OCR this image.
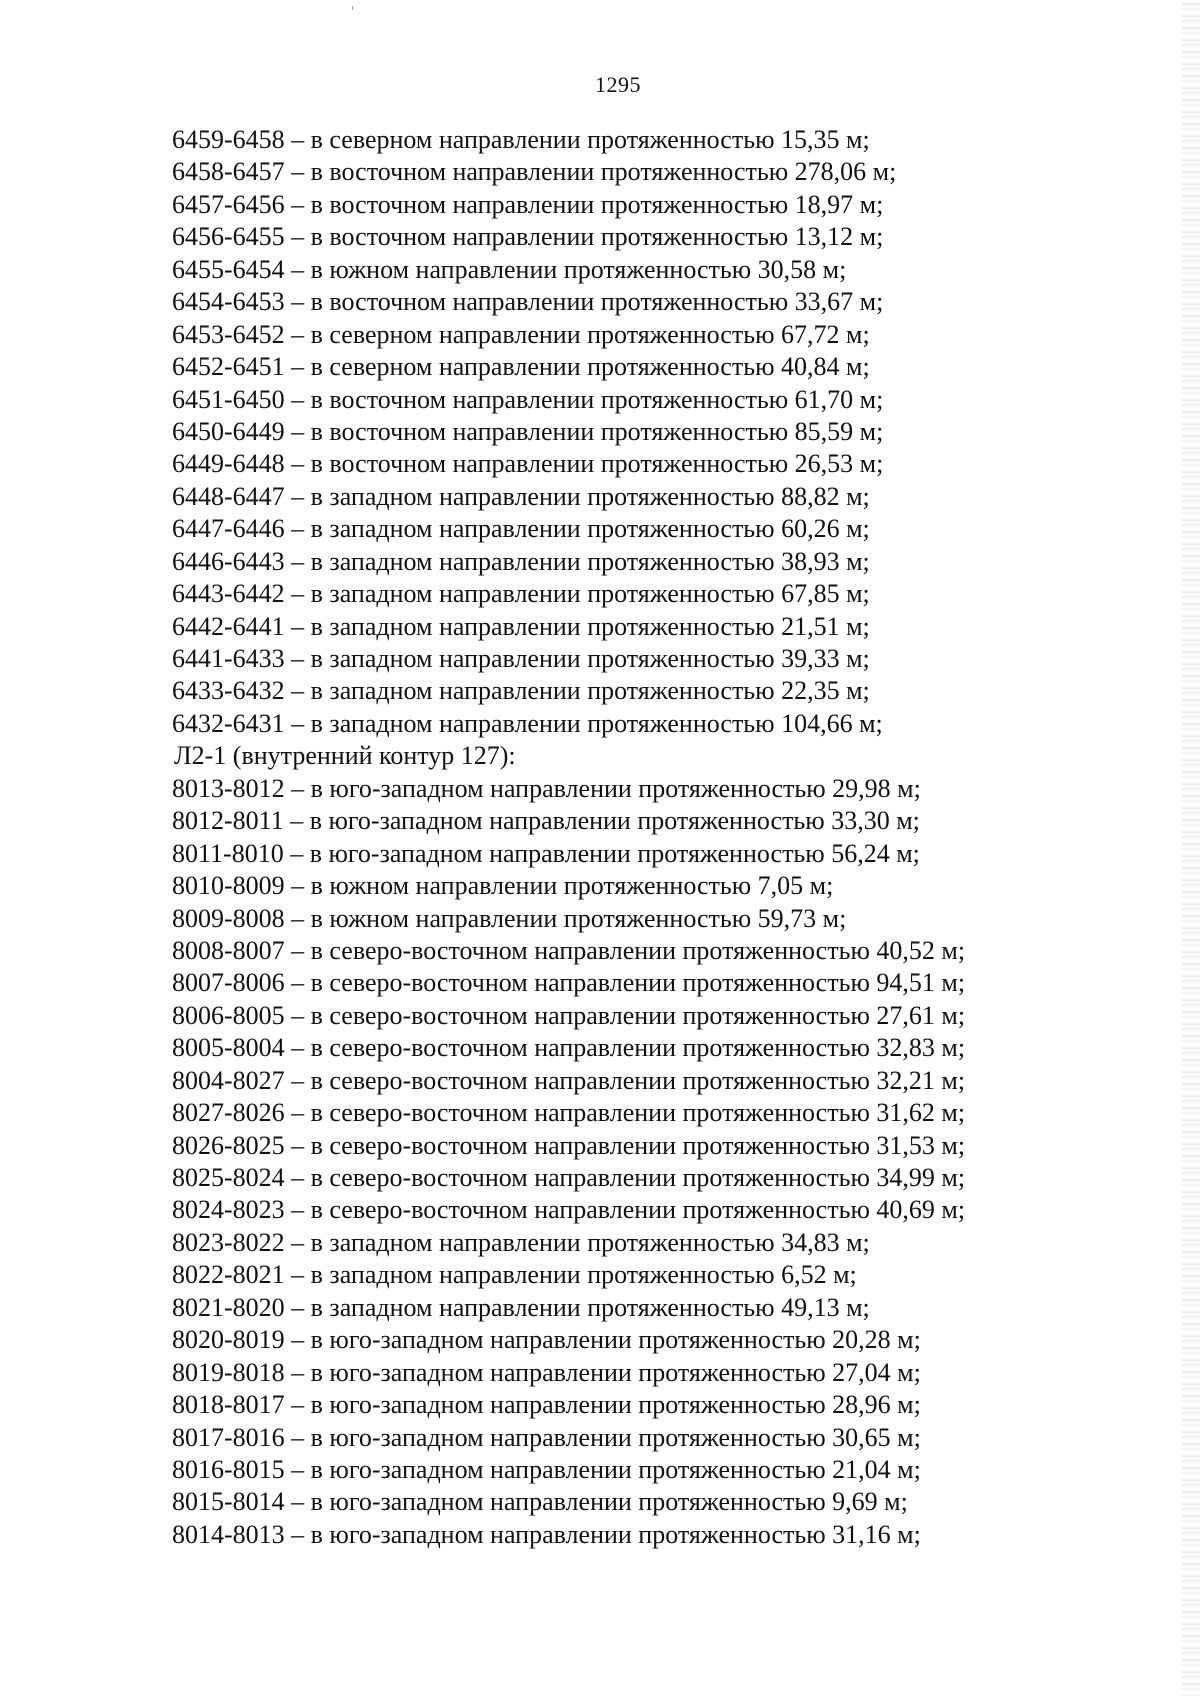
1295
6459-6458 – в северном направлении протяженностью 15,35 м;
6458-6457 – в восточном направлении протяженностью 278,06 м;
6457-6456 – в восточном направлении протяженностью 18,97 м;
6456-6455 – в восточном направлении протяженностью 13,12 м;
6455-6454 – в южном направлении протяженностью 30,58 м;
6454-6453 – в восточном направлении протяженностью 33,67 м;
6453-6452 – в северном направлении протяженностью 67,72 м;
6452-6451 – в северном направлении протяженностью 40,84 м;
6451-6450 – в восточном направлении протяженностью 61,70 м;
6450-6449 – в восточном направлении протяженностью 85,59 м;
6449-6448 – в восточном направлении протяженностью 26,53 м;
6448-6447 – в западном направлении протяженностью 88,82 м;
6447-6446 – в западном направлении протяженностью 60,26 м;
6446-6443 – в западном направлении протяженностью 38,93 м;
6443-6442 – в западном направлении протяженностью 67,85 м;
6442-6441 – в западном направлении протяженностью 21,51 м;
6441-6433 – в западном направлении протяженностью 39,33 м;
6433-6432 – в западном направлении протяженностью 22,35 м;
6432-6431 – в западном направлении протяженностью 104,66 м;
Л2-1 (внутренний контур 127):
8013-8012 – в юго-западном направлении протяженностью 29,98 м;
8012-8011 – в юго-западном направлении протяженностью 33,30 м;
8011-8010 – в юго-западном направлении протяженностью 56,24 м;
8010-8009 – в южном направлении протяженностью 7,05 м;
8009-8008 – в южном направлении протяженностью 59,73 м;
8008-8007 – в северо-восточном направлении протяженностью 40,52 м;
8007-8006 – в северо-восточном направлении протяженностью 94,51 м;
8006-8005 – в северо-восточном направлении протяженностью 27,61 м;
8005-8004 – в северо-восточном направлении протяженностью 32,83 м;
8004-8027 – в северо-восточном направлении протяженностью 32,21 м;
8027-8026 – в северо-восточном направлении протяженностью 31,62 м;
8026-8025 – в северо-восточном направлении протяженностью 31,53 м;
8025-8024 – в северо-восточном направлении протяженностью 34,99 м;
8024-8023 – в северо-восточном направлении протяженностью 40,69 м;
8023-8022 – в западном направлении протяженностью 34,83 м;
8022-8021 – в западном направлении протяженностью 6,52 м;
8021-8020 – в западном направлении протяженностью 49,13 м;
8020-8019 – в юго-западном направлении протяженностью 20,28 м;
8019-8018 – в юго-западном направлении протяженностью 27,04 м;
8018-8017 – в юго-западном направлении протяженностью 28,96 м;
8017-8016 – в юго-западном направлении протяженностью 30,65 м;
8016-8015 – в юго-западном направлении протяженностью 21,04 м;
8015-8014 – в юго-западном направлении протяженностью 9,69 м;
8014-8013 – в юго-западном направлении протяженностью 31,16 м;
